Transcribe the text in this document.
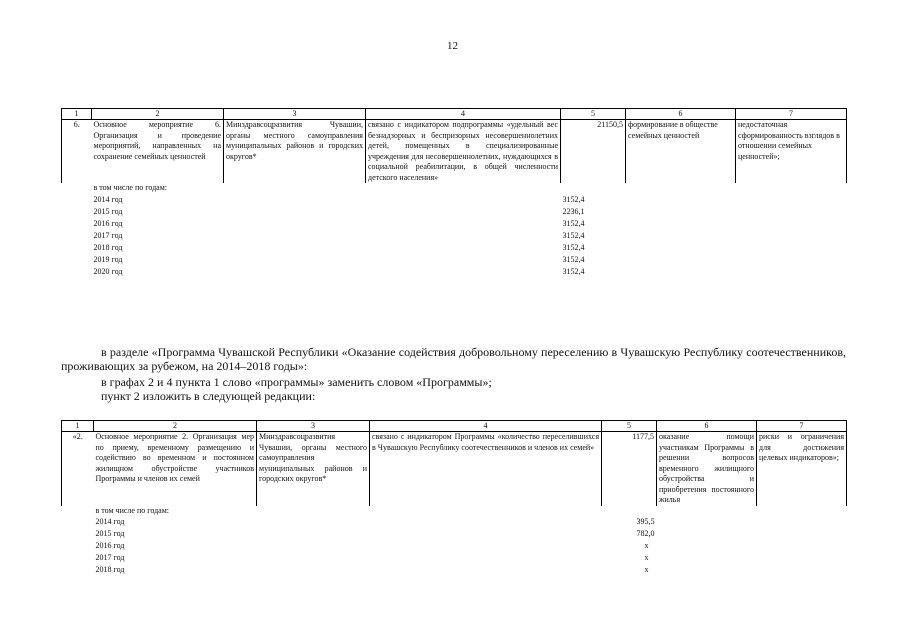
12
1	2	3	4	5	6	7
6.	Основное мероприятие 6. Организация и проведение мероприятий, направленных на сохранение семейных ценностей	Минздравсоцразвития Чувашии, органы местного самоуправления муниципальных районов и городских округов*	связано с индикатором подпрограммы «удельный вес безнадзорных и беспризорных несовершеннолетних детей, помещенных в специализированные учреждения для несовершеннолетних, нуждающихся в социальной реабилитации, в общей численности детского населения»	21150,5	формирование в обществе семейных ценностей	недостаточная сформированность взглядов в отношении семейных ценностей»;
	в том числе по годам:					
	2014 год			3152,4		
	2015 год			2236,1		
	2016 год			3152,4		
	2017 год			3152,4		
	2018 год			3152,4		
	2019 год			3152,4		
	2020 год			3152,4		
в разделе «Программа Чувашской Республики «Оказание содействия добровольному переселению в Чувашскую Республику соотечественников, проживающих за рубежом, на 2014–2018 годы»:
в графах 2 и 4 пункта 1 слово «программы» заменить словом «Программы»;
пункт 2 изложить в следующей редакции:
1	2	3	4	5	6	7
«2.	Основное мероприятие 2. Организация мер по приему, временному размещению и содействию во временном и постоянном жилищном обустройстве участников Программы и членов их семей	Минздравсоцразвития Чувашии, органы местного самоуправления муниципальных районов и городских округов*	связано с индикатором Программы «количество переселившихся в Чувашскую Республику соотечественников и членов их семей»	1177,5	оказание помощи участникам Программы в решении вопросов временного жилищного обустройства и приобретения постоянного жилья	риски и ограничения для достижения целевых индикаторов»;
	в том числе по годам:					
	2014 год			395,5		
	2015 год			782,0		
	2016 год			х		
	2017 год			х		
	2018 год			х		
